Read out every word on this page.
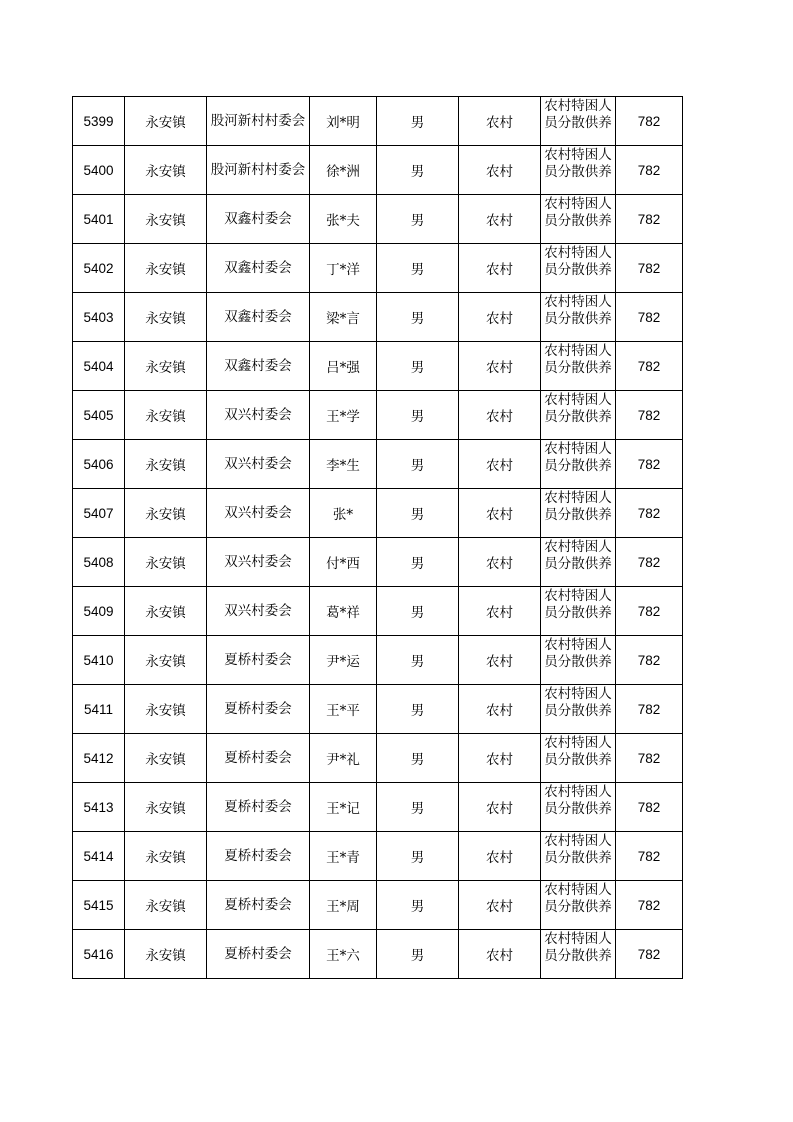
5399	永安镇	股河新村村委会	刘*明	男	农村	农村特困人员分散供养	782
5400	永安镇	股河新村村委会	徐*洲	男	农村	农村特困人员分散供养	782
5401	永安镇	双鑫村委会	张*夫	男	农村	农村特困人员分散供养	782
5402	永安镇	双鑫村委会	丁*洋	男	农村	农村特困人员分散供养	782
5403	永安镇	双鑫村委会	梁*言	男	农村	农村特困人员分散供养	782
5404	永安镇	双鑫村委会	吕*强	男	农村	农村特困人员分散供养	782
5405	永安镇	双兴村委会	王*学	男	农村	农村特困人员分散供养	782
5406	永安镇	双兴村委会	李*生	男	农村	农村特困人员分散供养	782
5407	永安镇	双兴村委会	张*	男	农村	农村特困人员分散供养	782
5408	永安镇	双兴村委会	付*西	男	农村	农村特困人员分散供养	782
5409	永安镇	双兴村委会	葛*祥	男	农村	农村特困人员分散供养	782
5410	永安镇	夏桥村委会	尹*运	男	农村	农村特困人员分散供养	782
5411	永安镇	夏桥村委会	王*平	男	农村	农村特困人员分散供养	782
5412	永安镇	夏桥村委会	尹*礼	男	农村	农村特困人员分散供养	782
5413	永安镇	夏桥村委会	王*记	男	农村	农村特困人员分散供养	782
5414	永安镇	夏桥村委会	王*青	男	农村	农村特困人员分散供养	782
5415	永安镇	夏桥村委会	王*周	男	农村	农村特困人员分散供养	782
5416	永安镇	夏桥村委会	王*六	男	农村	农村特困人员分散供养	782
